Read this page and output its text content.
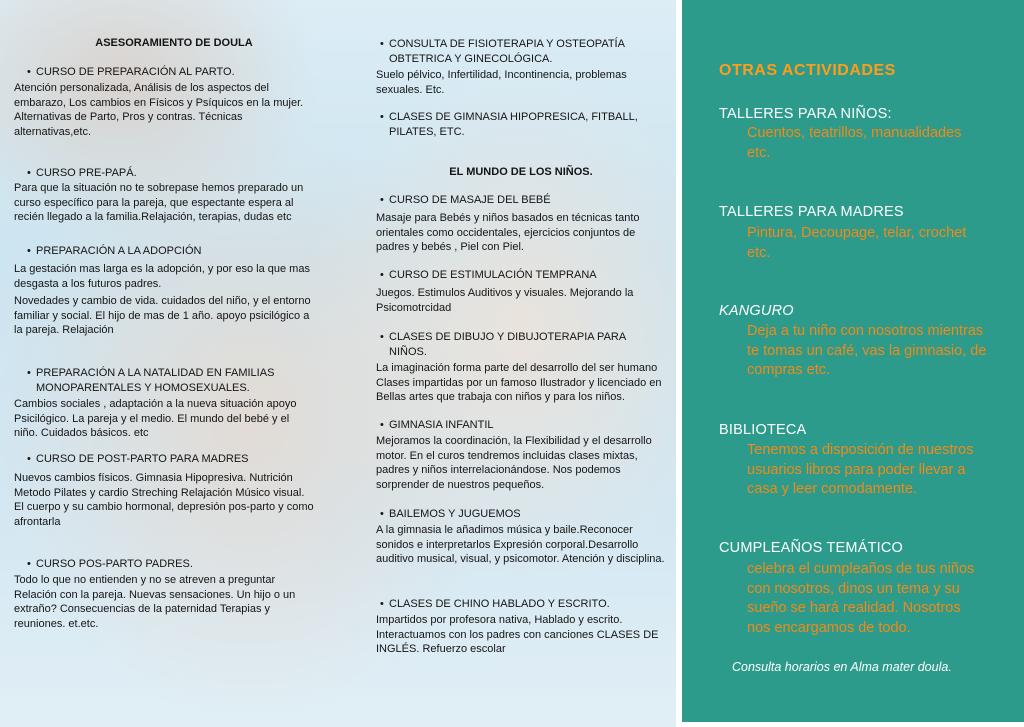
ASESORAMIENTO DE DOULA

CURSO DE PREPARACIÓN AL PARTO.
Atención personalizada, Análisis de los aspectos del embarazo, Los cambios en Físicos y Psíquicos en la mujer. Alternativas de Parto, Pros y contras. Técnicas alternativas,etc.
CURSO PRE-PAPÁ.
Para que la situación no te sobrepase hemos preparado un curso específico para la pareja, que espectante espera al recién llegado a la familia.Relajación, terapias, dudas etc
PREPARACIÓN A LA ADOPCIÓN
La gestación mas larga es la adopción, y por eso la que mas desgasta a los futuros padres.
Novedades y cambio de vida. cuidados del niño, y el entorno familiar y social. El hijo de mas de 1 año. apoyo psicilógico a la pareja. Relajación
PREPARACIÓN A LA NATALIDAD EN FAMILIAS MONOPARENTALES Y HOMOSEXUALES.
Cambios sociales , adaptación a la nueva situación apoyo Psicilógico. La pareja y el medio. El mundo del bebé y el niño. Cuidados básicos. etc
CURSO DE POST-PARTO PARA MADRES
Nuevos cambios físicos. Gimnasia Hipopresiva. Nutrición Metodo Pilates y cardio Streching Relajación Músico visual. El cuerpo y su cambio hormonal, depresión pos-parto y como afrontarla
CURSO POS-PARTO PADRES.
Todo lo que no entienden y no se atreven a preguntar Relación con la pareja. Nuevas sensaciones. Un hijo o un extraño? Consecuencias de la paternidad Terapias y reuniones. et.etc.
•
•
•
•
•
•
CONSULTA DE FISIOTERAPIA Y OSTEOPATÍA OBTETRICA Y GINECOLÓGICA.
Suelo pélvico, Infertilidad, Incontinencia, problemas sexuales. Etc.
CLASES DE GIMNASIA HIPOPRESICA, FITBALL, PILATES, ETC.
EL MUNDO DE LOS NIÑOS.
CURSO DE MASAJE DEL BEBÉ
Masaje para Bebés y niños basados en técnicas tanto orientales como occidentales, ejercicios conjuntos de padres y bebés , Piel con Piel.
CURSO DE ESTIMULACIÓN TEMPRANA
Juegos. Estimulos Auditivos y visuales. Mejorando la Psicomotrcidad
CLASES DE DIBUJO Y DIBUJOTERAPIA PARA NIÑOS.
La imaginación forma parte del desarrollo del ser humano Clases impartidas por un famoso Ilustrador y licenciado en Bellas artes que trabaja con niños y para los niños.
GIMNASIA INFANTIL
Mejoramos la coordinación, la Flexibilidad y el desarrollo motor. En el curos tendremos incluidas clases mixtas, padres y niños interrelacionándose. Nos podemos sorprender de nuestros pequeños.
BAILEMOS Y JUGUEMOS
A la gimnasia le añadimos música y baile.Reconocer sonidos e interpretarlos Expresión corporal.Desarrollo auditivo musical, visual, y psicomotor. Atención y disciplina.
CLASES DE CHINO HABLADO Y ESCRITO.
Impartidos por profesora nativa, Hablado y escrito. Interactuamos con los padres con canciones CLASES DE INGLÉS. Refuerzo escolar
•
•
•
•
•
•
•
•
OTRAS ACTIVIDADES
TALLERES PARA NIÑOS:
Cuentos, teatrillos, manualidades etc.
TALLERES PARA MADRES
Pintura, Decoupage, telar, crochet etc.
KANGURO
Deja a tu niño con nosotros mientras te tomas un café, vas la gimnasio, de compras etc.
BIBLIOTECA
Tenemos a disposición de nuestros usuarios libros para poder llevar a casa y leer comodamente.
CUMPLEAÑOS TEMÁTICO
celebra el cumpleaños de tus niños con nosotros, dinos un tema y su sueño se hará realidad. Nosotros nos encargamos de todo.
Consulta horarios en Alma mater doula.
